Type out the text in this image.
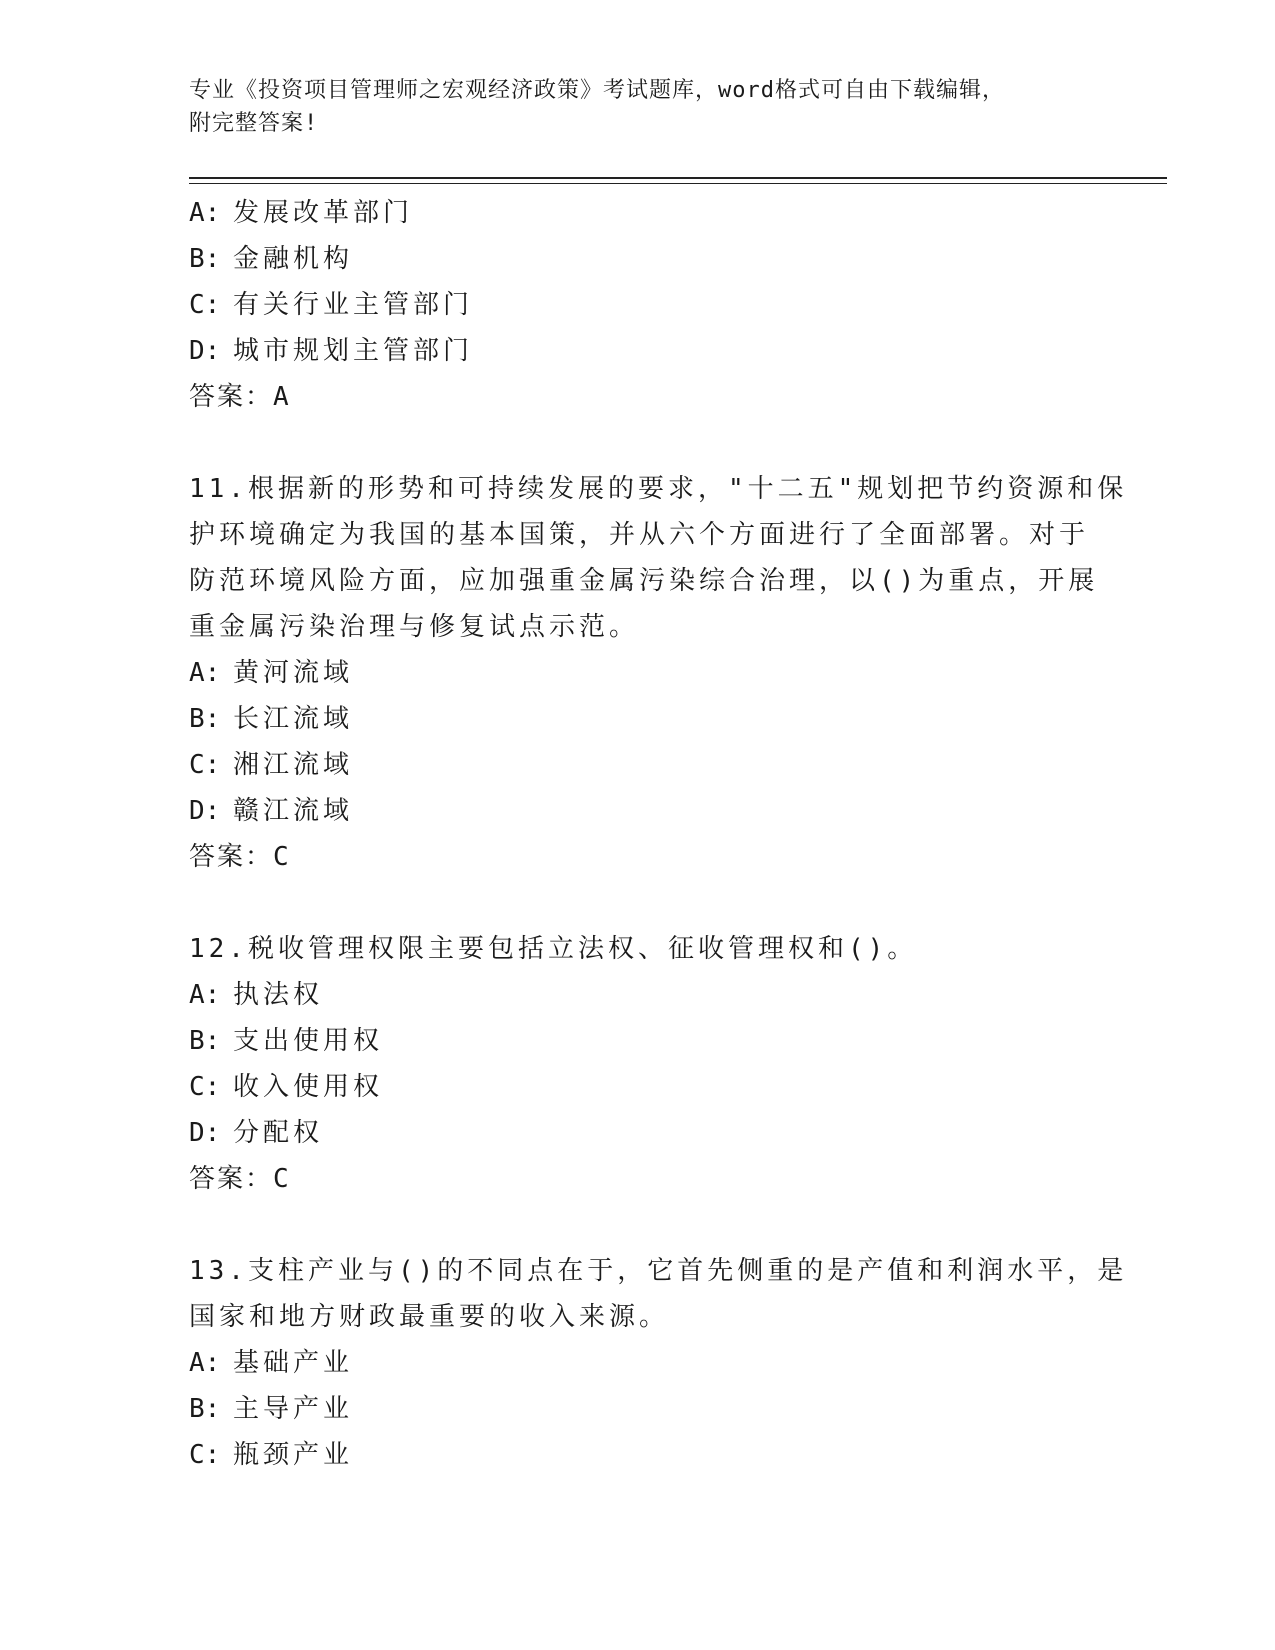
专业《投资项目管理师之宏观经济政策》考试题库，word格式可自由下载编辑，
附完整答案!
A: 发展改革部门
B: 金融机构
C: 有关行业主管部门
D: 城市规划主管部门
答案：A
11.根据新的形势和可持续发展的要求，"十二五"规划把节约资源和保
护环境确定为我国的基本国策，并从六个方面进行了全面部署。对于
防范环境风险方面，应加强重金属污染综合治理，以()为重点，开展
重金属污染治理与修复试点示范。
A: 黄河流域
B: 长江流域
C: 湘江流域
D: 赣江流域
答案：C
12.税收管理权限主要包括立法权、征收管理权和()。
A: 执法权
B: 支出使用权
C: 收入使用权
D: 分配权
答案：C
13.支柱产业与()的不同点在于，它首先侧重的是产值和利润水平，是
国家和地方财政最重要的收入来源。
A: 基础产业
B: 主导产业
C: 瓶颈产业
